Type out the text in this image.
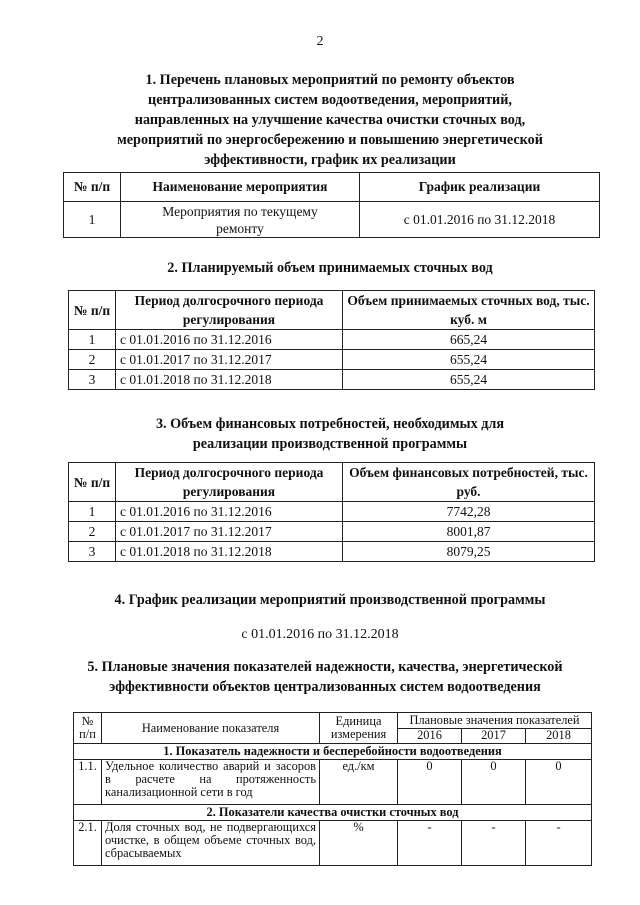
2
1. Перечень плановых мероприятий по ремонту объектов
централизованных систем водоотведения, мероприятий,
направленных на улучшение качества очистки сточных вод,
мероприятий по энергосбережению и повышению энергетической
эффективности, график их реализации
№ п/п	Наименование мероприятия	График реализации
1	Мероприятия по текущему ремонту	с 01.01.2016 по 31.12.2018
2. Планируемый объем принимаемых сточных вод
№ п/п	Период долгосрочного периода регулирования	Объем принимаемых сточных вод, тыс. куб. м
1	с 01.01.2016 по 31.12.2016	665,24
2	с 01.01.2017 по 31.12.2017	655,24
3	с 01.01.2018 по 31.12.2018	655,24
3. Объем финансовых потребностей, необходимых для
реализации производственной программы
№ п/п	Период долгосрочного периода регулирования	Объем финансовых потребностей, тыс. руб.
1	с 01.01.2016 по 31.12.2016	7742,28
2	с 01.01.2017 по 31.12.2017	8001,87
3	с 01.01.2018 по 31.12.2018	8079,25
4. График реализации мероприятий производственной программы
с 01.01.2016 по 31.12.2018
5. Плановые значения показателей надежности, качества, энергетической
эффективности объектов централизованных систем водоотведения
№ п/п	Наименование показателя	Единица измерения	Плановые значения показателей		
			2016	2017	2018
1. Показатель надежности и бесперебойности водоотведения					
1.1.	Удельное количество аварий и засоров в расчете на протяженность канализационной сети в год	ед./км	0	0	0
2. Показатели качества очистки сточных вод					
2.1.	Доля сточных вод, не подвергающихся очистке, в общем объеме сточных вод, сбрасываемых	%	-	-	-
